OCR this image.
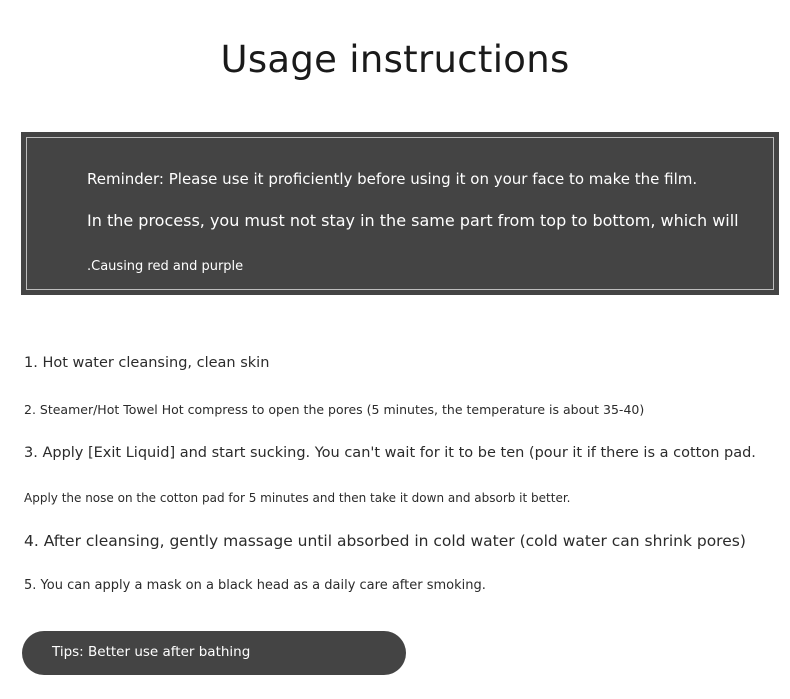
Usage instructions
Reminder: Please use it proficiently before using it on your face to make the film.
In the process, you must not stay in the same part from top to bottom, which will
.Causing red and purple
1. Hot water cleansing, clean skin
2. Steamer/Hot Towel Hot compress to open the pores (5 minutes, the temperature is about 35-40)
3. Apply [Exit Liquid] and start sucking. You can't wait for it to be ten (pour it if there is a cotton pad.
Apply the nose on the cotton pad for 5 minutes and then take it down and absorb it better.
4. After cleansing, gently massage until absorbed in cold water (cold water can shrink pores)
5. You can apply a mask on a black head as a daily care after smoking.
Tips: Better use after bathing
